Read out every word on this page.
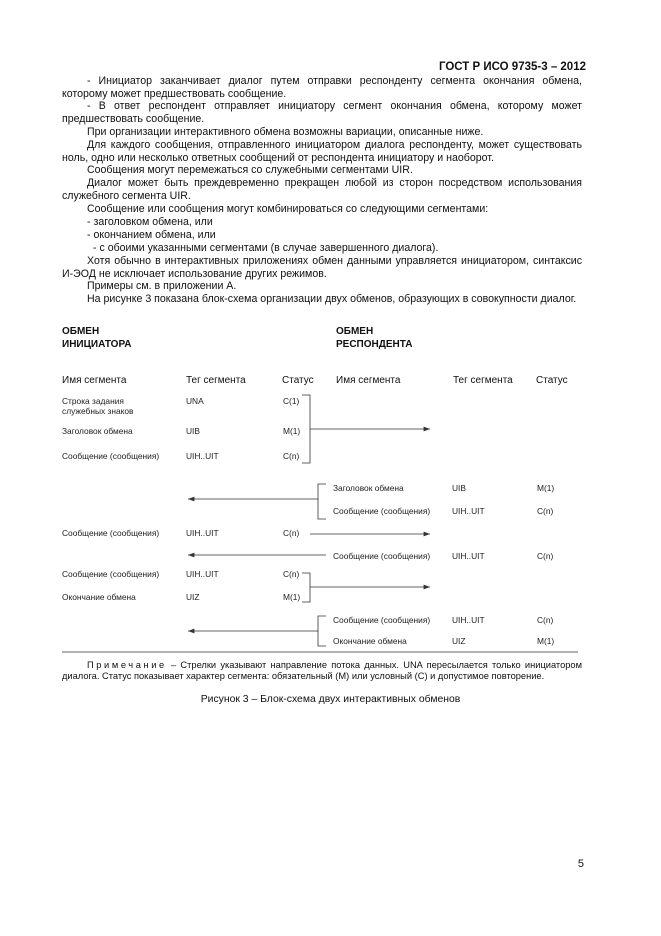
ГОСТ Р ИСО 9735-3 – 2012
- Инициатор заканчивает диалог путем отправки респонденту сегмента окончания обмена, которому может предшествовать сообщение.
- В ответ респондент отправляет инициатору сегмент окончания обмена, которому может предшествовать сообщение.
При организации интерактивного обмена возможны вариации, описанные ниже.
Для каждого сообщения, отправленного инициатором диалога респонденту, может существовать ноль, одно или несколько ответных сообщений от респондента инициатору и наоборот.
Сообщения могут перемежаться со служебными сегментами UIR.
Диалог может быть преждевременно прекращен любой из сторон посредством использования служебного сегмента UIR.
Сообщение или сообщения могут комбинироваться со следующими сегментами:
- заголовком обмена, или
- окончанием обмена, или
- с обоими указанными сегментами (в случае завершенного диалога).
Хотя обычно в интерактивных приложениях обмен данными управляется инициатором, синтаксис И-ЭОД не исключает использование других режимов.
Примеры см. в приложении А.
На рисунке 3 показана блок-схема организации двух обменов, образующих в совокупности диалог.
ОБМЕН
ИНИЦИАТОРА
ОБМЕН
РЕСПОНДЕНТА
Имя сегмента	Тег сегмента	Статус Имя сегмента	Тег сегмента Статус
Строка задания
служебных знаков
UNA	C(1)
Заголовок обмена	UIB	M(1)
Сообщение (сообщения)	UIH..UIT	C(n)
Заголовок обмена	UIB	M(1)
Сообщение (сообщения)	UIH..UIT	C(n)
Сообщение (сообщения)	UIH..UIT	C(n)
Сообщение (сообщения)	UIH..UIT	C(n)
Сообщение (сообщения)	UIH..UIT	C(n)
Окончание обмена	UIZ	M(1)
Сообщение (сообщения)	UIH..UIT	C(n)
Окончание обмена	UIZ	M(1)
Примечание – Стрелки указывают направление потока данных. UNA пересылается только инициатором диалога. Статус показывает характер сегмента: обязательный (M) или условный (C) и допустимое повторение.
Рисунок 3 – Блок-схема двух интерактивных обменов
5
